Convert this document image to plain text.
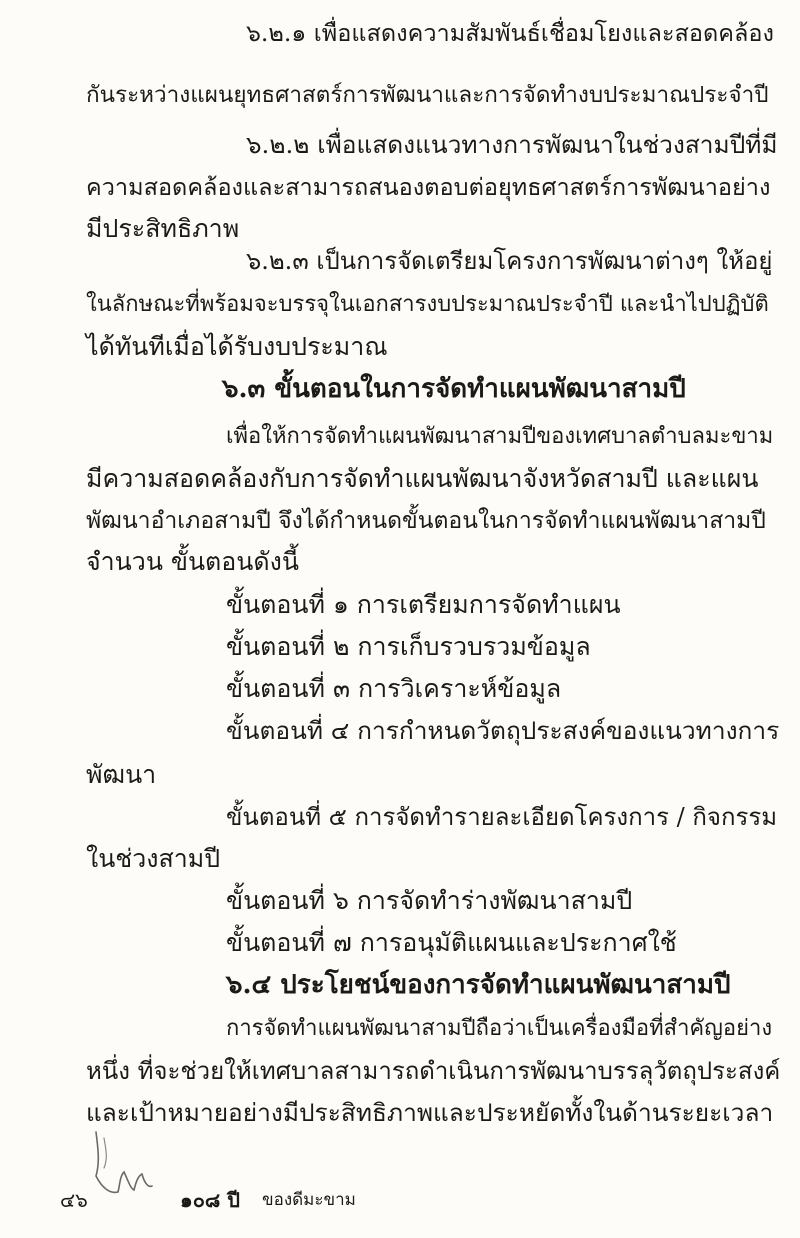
๖.๒.๑ เพื่อแสดงความสัมพันธ์เชื่อมโยงและสอดคล้อง
กันระหว่างแผนยุทธศาสตร์การพัฒนาและการจัดทำงบประมาณประจำปี
๖.๒.๒ เพื่อแสดงแนวทางการพัฒนาในช่วงสามปีที่มี
ความสอดคล้องและสามารถสนองตอบต่อยุทธศาสตร์การพัฒนาอย่าง
มีประสิทธิภาพ
๖.๒.๓ เป็นการจัดเตรียมโครงการพัฒนาต่างๆ ให้อยู่
ในลักษณะที่พร้อมจะบรรจุในเอกสารงบประมาณประจำปี และนำไปปฏิบัติ
ได้ทันทีเมื่อได้รับงบประมาณ
๖.๓ ขั้นตอนในการจัดทำแผนพัฒนาสามปี
เพื่อให้การจัดทำแผนพัฒนาสามปีของเทศบาลตำบลมะขาม
มีความสอดคล้องกับการจัดทำแผนพัฒนาจังหวัดสามปี และแผน
พัฒนาอำเภอสามปี จึงได้กำหนดขั้นตอนในการจัดทำแผนพัฒนาสามปี
จำนวน ขั้นตอนดังนี้
ขั้นตอนที่ ๑ การเตรียมการจัดทำแผน
ขั้นตอนที่ ๒ การเก็บรวบรวมข้อมูล
ขั้นตอนที่ ๓ การวิเคราะห์ข้อมูล
ขั้นตอนที่ ๔ การกำหนดวัตถุประสงค์ของแนวทางการ
พัฒนา
ขั้นตอนที่ ๕ การจัดทำรายละเอียดโครงการ / กิจกรรม
ในช่วงสามปี
ขั้นตอนที่ ๖ การจัดทำร่างพัฒนาสามปี
ขั้นตอนที่ ๗ การอนุมัติแผนและประกาศใช้
๖.๔ ประโยชน์ของการจัดทำแผนพัฒนาสามปี
การจัดทำแผนพัฒนาสามปีถือว่าเป็นเครื่องมือที่สำคัญอย่าง
หนึ่ง ที่จะช่วยให้เทศบาลสามารถดำเนินการพัฒนาบรรลุวัตถุประสงค์
และเป้าหมายอย่างมีประสิทธิภาพและประหยัดทั้งในด้านระยะเวลา
๔๖	๑๐๘ ปี ของดีมะขาม
